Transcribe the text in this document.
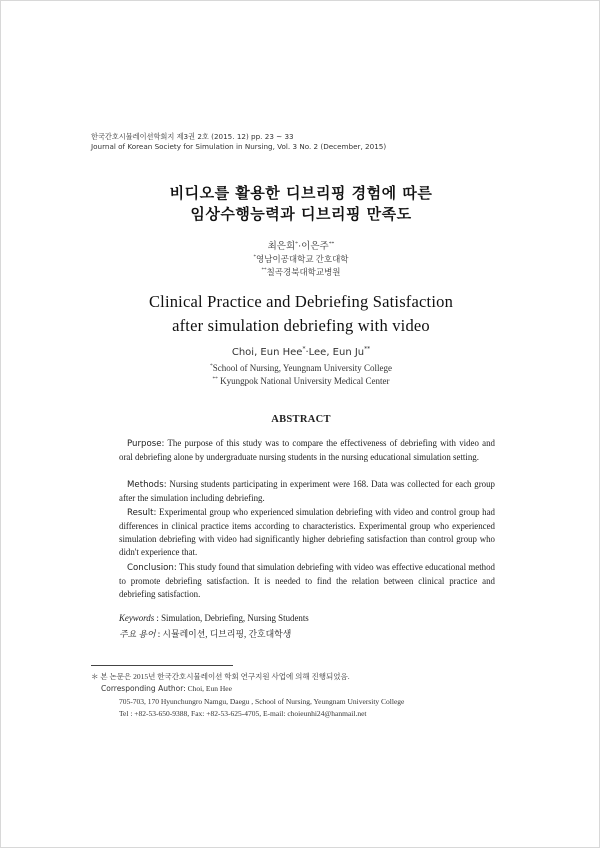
한국간호시뮬레이션학회지 제3권 2호 (2015. 12) pp. 23 ~ 33
Journal of Korean Society for Simulation in Nursing, Vol. 3 No. 2 (December, 2015)
비디오를 활용한 디브리핑 경험에 따른
임상수행능력과 디브리핑 만족도
최은희*·이은주**
*영남이공대학교 간호대학
**칠곡경북대학교병원
Clinical Practice and Debriefing Satisfaction
after simulation debriefing with video
Choi, Eun Hee*·Lee, Eun Ju**
*School of Nursing, Yeungnam University College
** Kyungpok National University Medical Center
ABSTRACT
Purpose: The purpose of this study was to compare the effectiveness of debriefing with video and oral debriefing alone by undergraduate nursing students in the nursing educational simulation setting.
Methods: Nursing students participating in experiment were 168. Data was collected for each group after the simulation including debriefing.
Result: Experimental group who experienced simulation debriefing with video and control group had differences in clinical practice items according to characteristics. Experimental group who experienced simulation debriefing with video had significantly higher debriefing satisfaction than control group who didn't experience that.
Conclusion: This study found that simulation debriefing with video was effective educational method to promote debriefing satisfaction. It is needed to find the relation between clinical practice and debriefing satisfaction.
Keywords : Simulation, Debriefing, Nursing Students
주요 용어 : 시뮬레이션, 디브리핑, 간호대학생
＊ 본 논문은 2015년 한국간호시뮬레이션 학회 연구지원 사업에 의해 진행되었음.
Corresponding Author: Choi, Eun Hee
705-703, 170 Hyunchungro Namgu, Daegu , School of Nursing, Yeungnam University College
Tel : +82-53-650-9388, Fax: +82-53-625-4705, E-mail: choieunhi24@hanmail.net
